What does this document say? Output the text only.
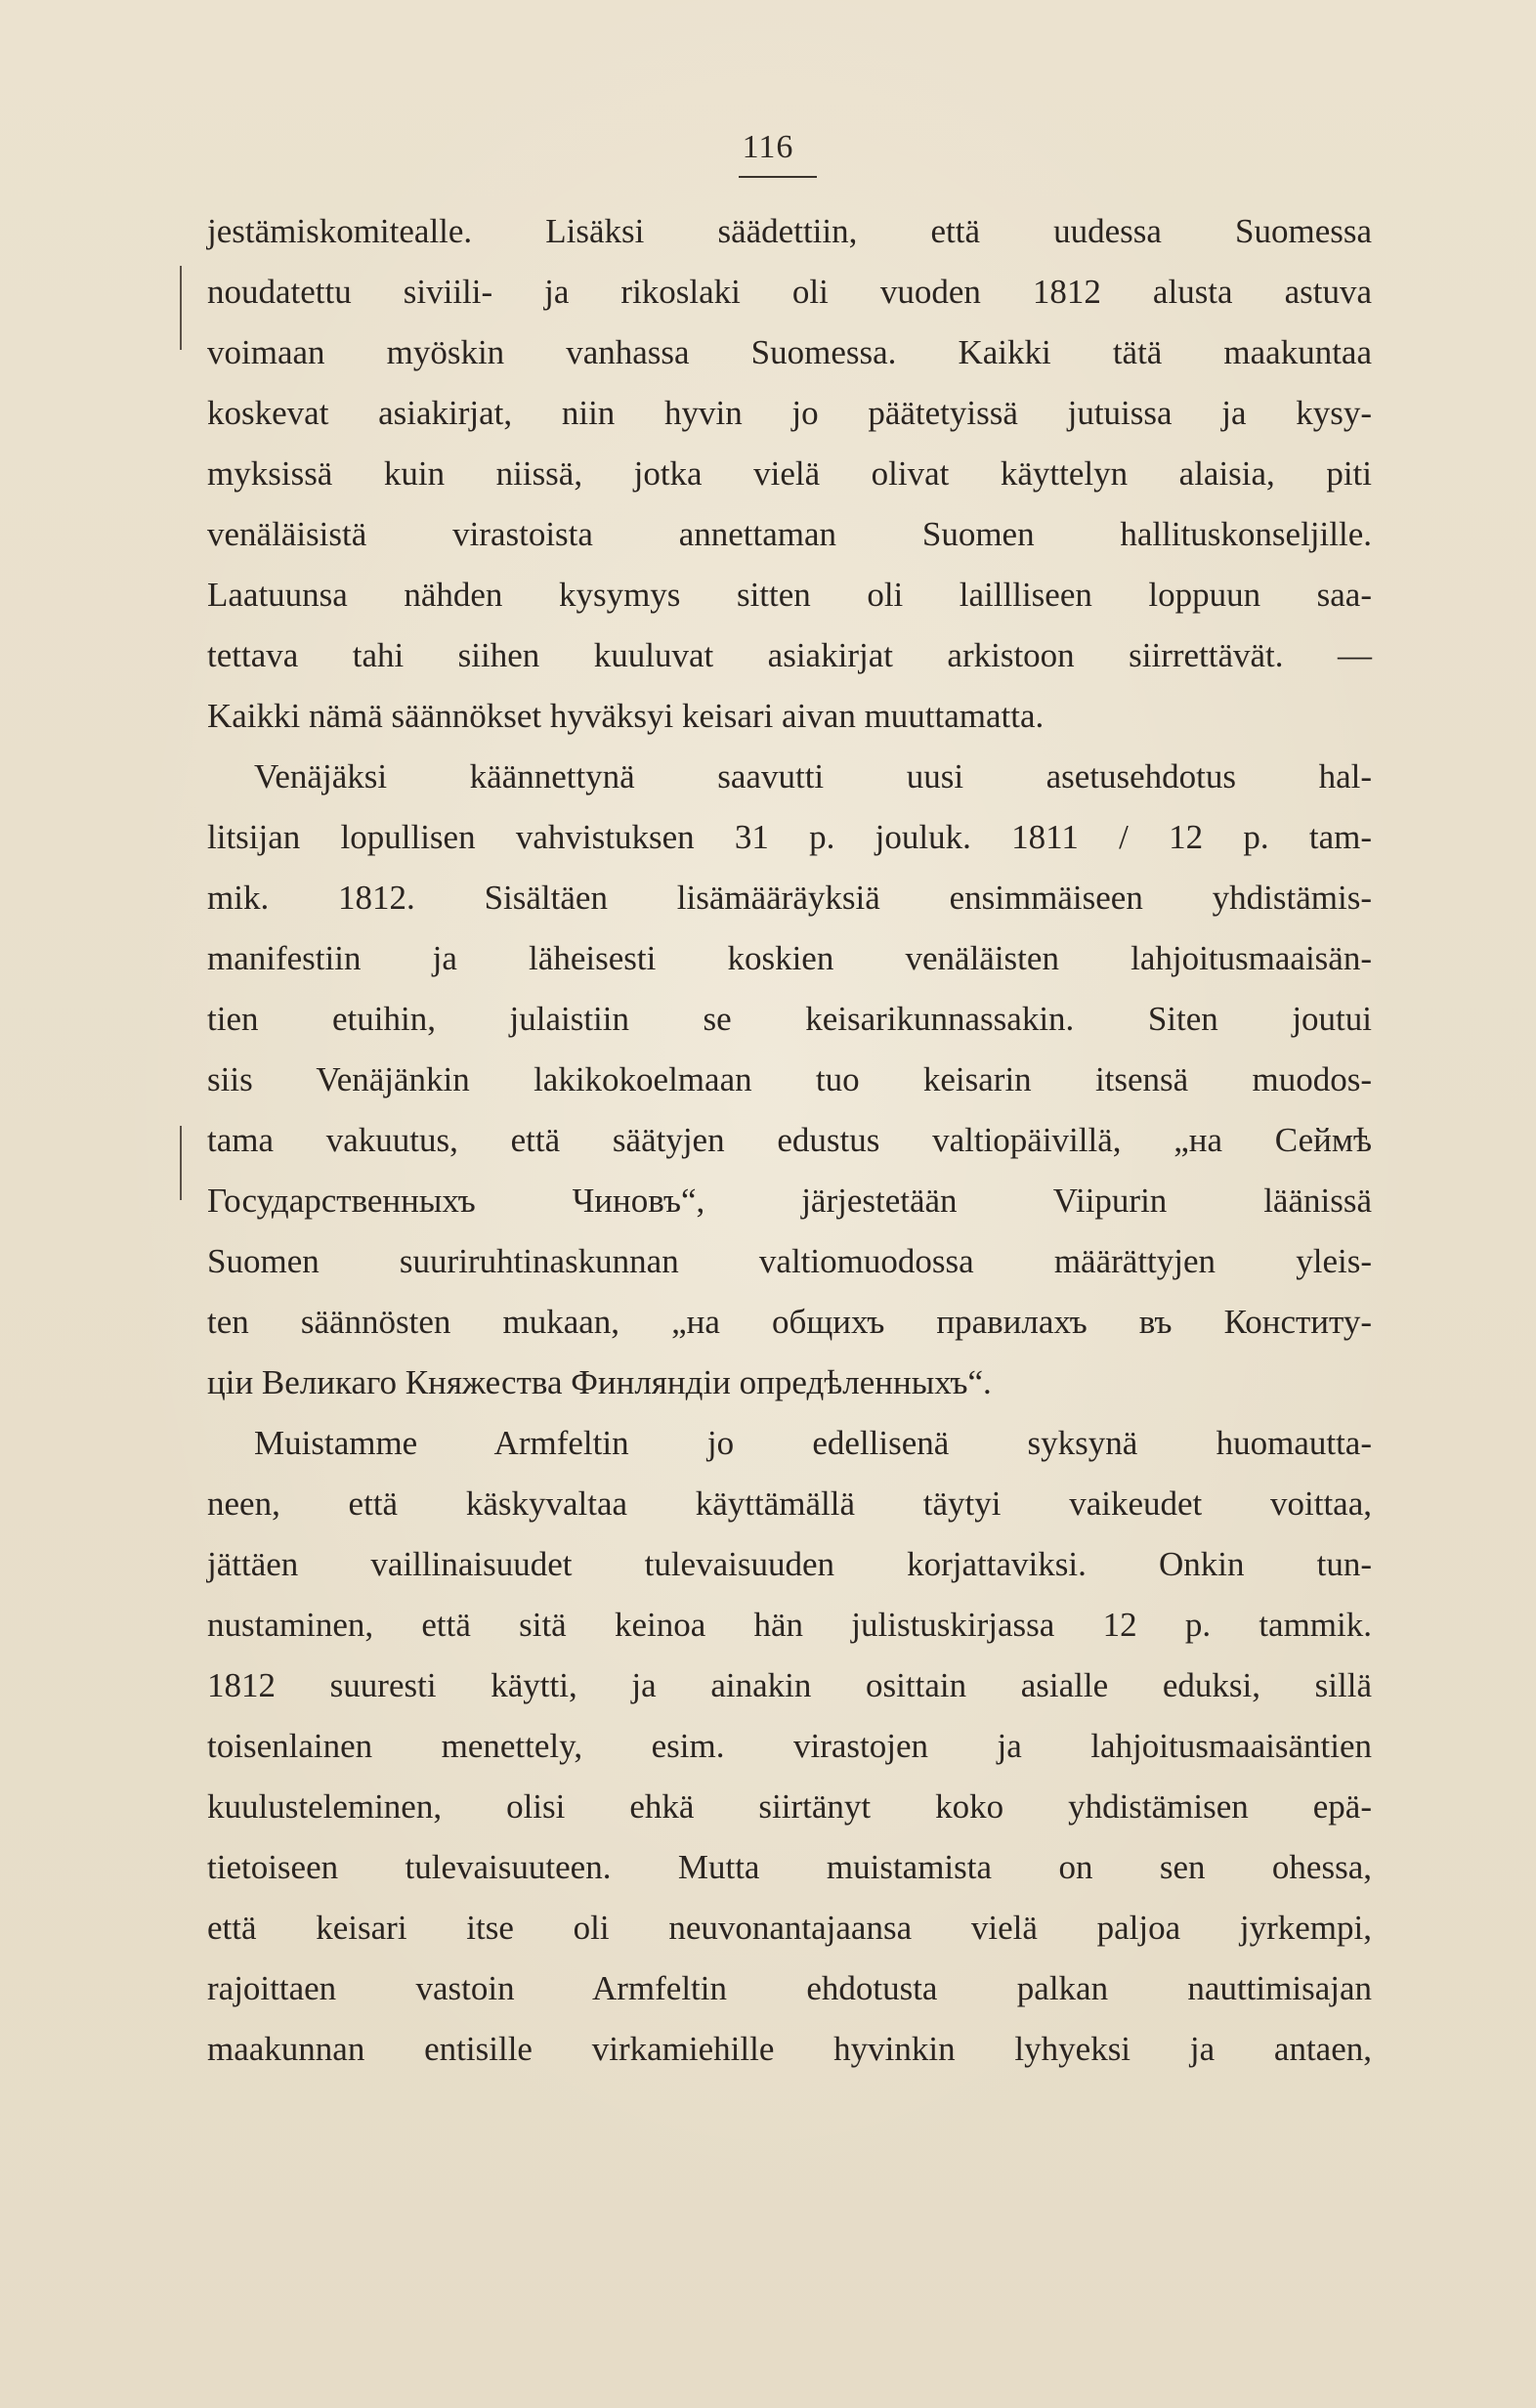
116
jestämiskomitealle. Lisäksi säädettiin, että uudessa Suomessa
noudatettu siviili- ja rikoslaki oli vuoden 1812 alusta astuva
voimaan myöskin vanhassa Suomessa. Kaikki tätä maakuntaa
koskevat asiakirjat, niin hyvin jo päätetyissä jutuissa ja kysy-
myksissä kuin niissä, jotka vielä olivat käyttelyn alaisia, piti
venäläisistä virastoista annettaman Suomen hallituskonseljille.
Laatuunsa nähden kysymys sitten oli laillliseen loppuun saa-
tettava tahi siihen kuuluvat asiakirjat arkistoon siirrettävät. —
Kaikki nämä säännökset hyväksyi keisari aivan muuttamatta.
Venäjäksi käännettynä saavutti uusi asetusehdotus hal-
litsijan lopullisen vahvistuksen 31 p. jouluk. 1811 / 12 p. tam-
mik. 1812. Sisältäen lisämääräyksiä ensimmäiseen yhdistämis-
manifestiin ja läheisesti koskien venäläisten lahjoitusmaaisän-
tien etuihin, julaistiin se keisarikunnassakin. Siten joutui
siis Venäjänkin lakikokoelmaan tuo keisarin itsensä muodos-
tama vakuutus, että säätyjen edustus valtiopäivillä, „на Сеймѣ
Государственныхъ Чиновъ“, järjestetään Viipurin läänissä
Suomen suuriruhtinaskunnan valtiomuodossa määrättyjen yleis-
ten säännösten mukaan, „на общихъ правилахъ въ Конститу-
ціи Великаго Княжества Финляндіи опредѣленныхъ“.
Muistamme Armfeltin jo edellisenä syksynä huomautta-
neen, että käskyvaltaa käyttämällä täytyi vaikeudet voittaa,
jättäen vaillinaisuudet tulevaisuuden korjattaviksi. Onkin tun-
nustaminen, että sitä keinoa hän julistuskirjassa 12 p. tammik.
1812 suuresti käytti, ja ainakin osittain asialle eduksi, sillä
toisenlainen menettely, esim. virastojen ja lahjoitusmaaisäntien
kuulusteleminen, olisi ehkä siirtänyt koko yhdistämisen epä-
tietoiseen tulevaisuuteen. Mutta muistamista on sen ohessa,
että keisari itse oli neuvonantajaansa vielä paljoa jyrkempi,
rajoittaen vastoin Armfeltin ehdotusta palkan nauttimisajan
maakunnan entisille virkamiehille hyvinkin lyhyeksi ja antaen,
